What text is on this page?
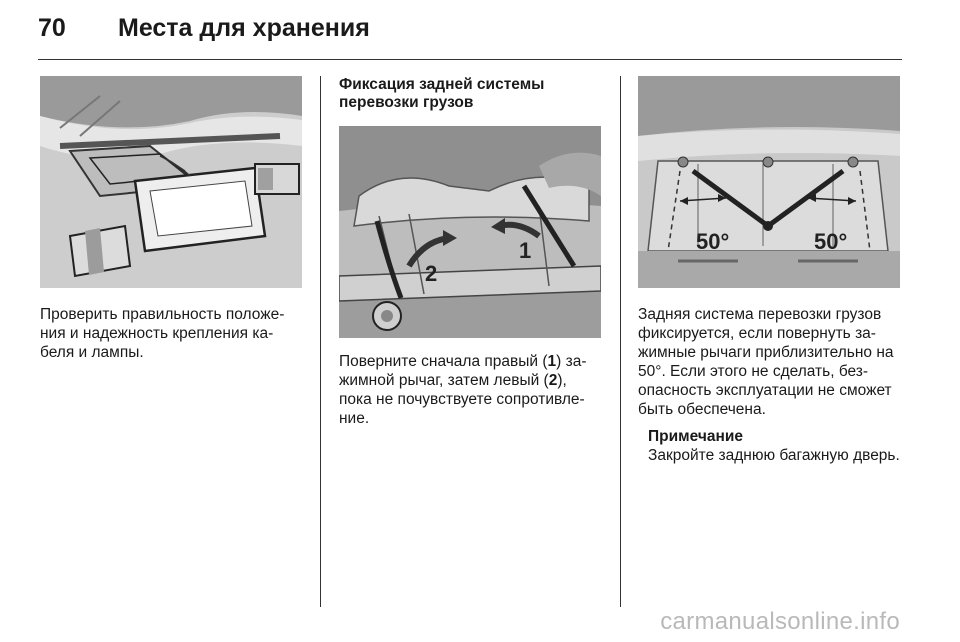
70 Места для хранения

Проверить правильность положения и надежность крепления кабеля и лампы.

Фиксация задней системы перевозки грузов
2
1

Поверните сначала правый (1) зажимной рычаг, затем левый (2), пока не почувствуете сопротивление.

50°	50°

Задняя система перевозки грузов фиксируется, если повернуть зажимные рычаги приблизительно на 50°. Если этого не сделать, безопасность эксплуатации не сможет быть обеспечена.

Примечание

Закройте заднюю багажную дверь.

carmanualsonline.info
